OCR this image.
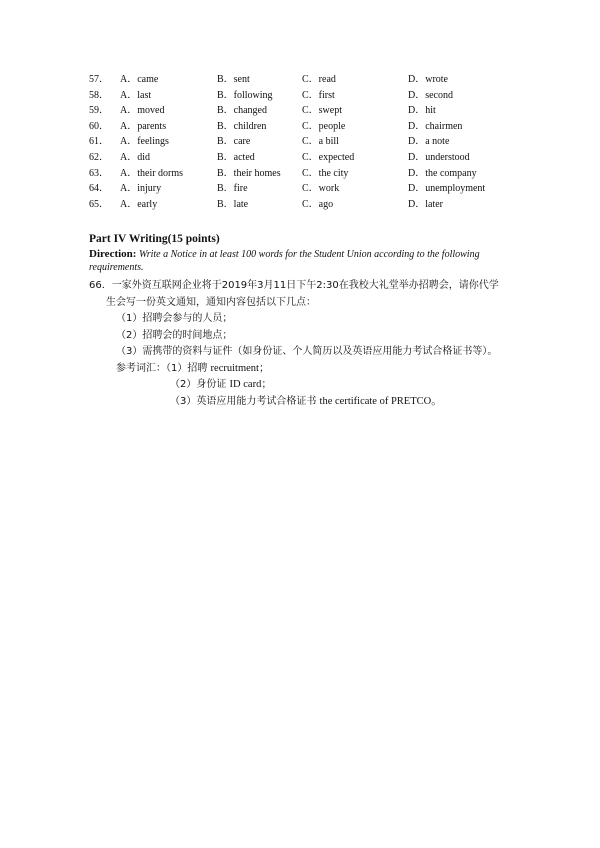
57．	A．came	B．sent	C．read	D．wrote
58．	A．last	B．following	C．first	D．second
59．	A．moved	B．changed	C．swept	D．hit
60．	A．parents	B．children	C．people	D．chairmen
61．	A．feelings	B．care	C．a bill	D．a note
62．	A．did	B．acted	C．expected	D．understood
63．	A．their dorms	B．their homes	C．the city	D．the company
64．	A．injury	B．fire	C．work	D．unemployment
65．	A．early	B．late	C．ago	D．later
Part IV Writing(15 points)
Direction: Write a Notice in at least 100 words for the Student Union according to the following requirements.
66．一家外资互联网企业将于2019年3月11日下午2:30在我校大礼堂举办招聘会，请你代学
生会写一份英文通知，通知内容包括以下几点：
（1）招聘会参与的人员；
（2）招聘会的时间地点；
（3）需携带的资料与证件（如身份证、个人简历以及英语应用能力考试合格证书等）。
参考词汇：（1）招聘 recruitment；
（2）身份证 ID card；
（3）英语应用能力考试合格证书 the certificate of PRETCO。
